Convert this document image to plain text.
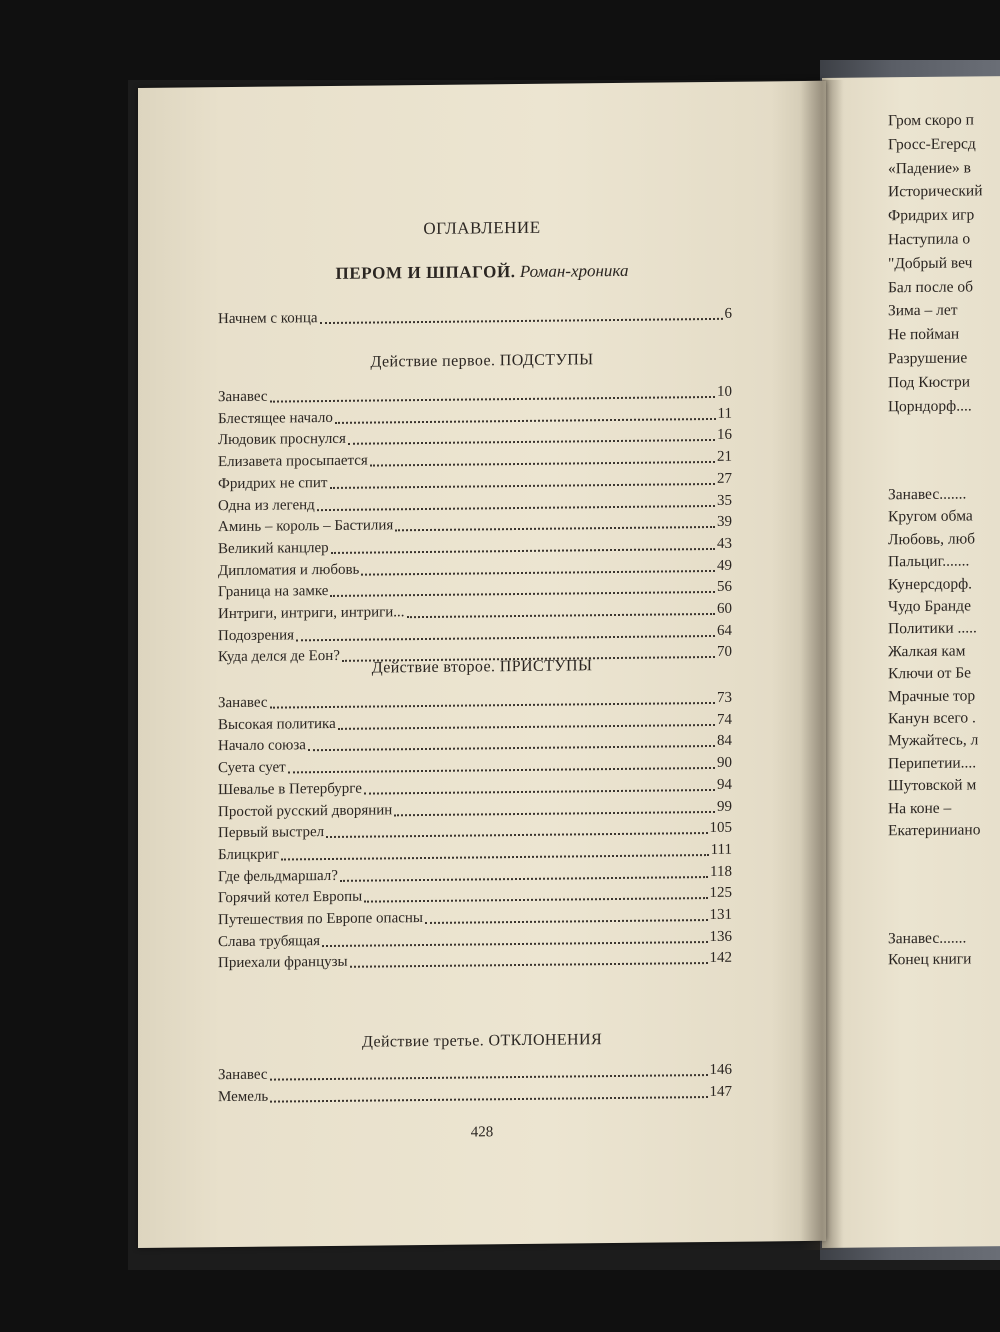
Гром скоро п
Гросс-Егерсд
«Падение» в
Исторический
Фридрих игр
Наступила о
"Добрый веч
Бал после об
Зима – лет
Не пойман
Разрушение
Под Кюстри
Цорндорф....
Занавес.......
Кругом обма
Любовь, люб
Пальциг.......
Кунерсдорф.
Чудо Бранде
Политики .....
Жалкая кам
Ключи от Бе
Мрачные тор
Канун всего .
Мужайтесь, л
Перипетии....
Шутовской м
На коне –
Екатериниано
Занавес.......
Конец книги
ОГЛАВЛЕНИЕ
ПЕРОМ И ШПАГОЙ. Роман-хроника
428
Начнем с конца	6
Действие первое. ПОДСТУПЫ
Занавес	10
Блестящее начало	11
Людовик проснулся	16
Елизавета просыпается	21
Фридрих не спит	27
Одна из легенд	35
Аминь – король – Бастилия	39
Великий канцлер	43
Дипломатия и любовь	49
Граница на замке	56
Интриги, интриги, интриги...	60
Подозрения	64
Куда делся де Еон?	70
Действие второе. ПРИСТУПЫ
Занавес	73
Высокая политика	74
Начало союза	84
Суета сует	90
Шевалье в Петербурге	94
Простой русский дворянин	99
Первый выстрел	105
Блицкриг	111
Где фельдмаршал?	118
Горячий котел Европы	125
Путешествия по Европе опасны	131
Слава трубящая	136
Приехали французы	142
Действие третье. ОТКЛОНЕНИЯ
Занавес	146
Мемель	147
